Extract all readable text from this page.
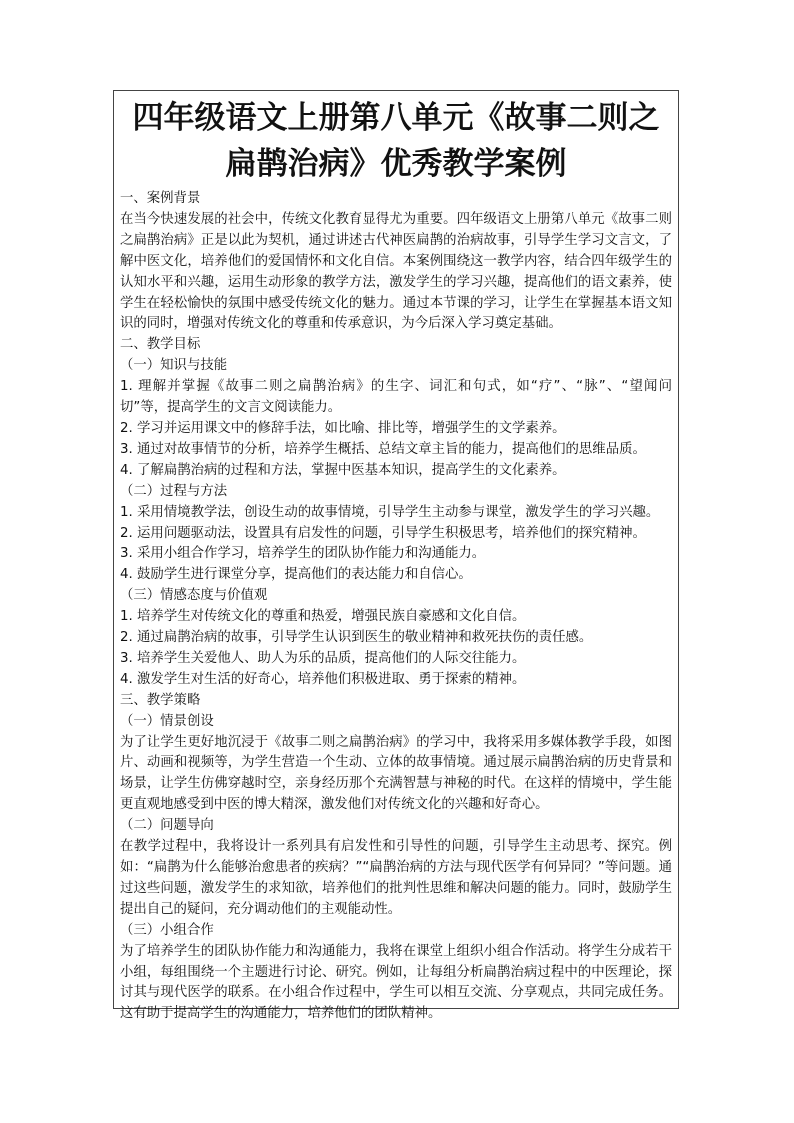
四年级语文上册第八单元《故事二则之扁鹊治病》优秀教学案例
一、案例背景
在当今快速发展的社会中，传统文化教育显得尤为重要。四年级语文上册第八单元《故事二则之扁鹊治病》正是以此为契机，通过讲述古代神医扁鹊的治病故事，引导学生学习文言文，了解中医文化，培养他们的爱国情怀和文化自信。本案例围绕这一教学内容，结合四年级学生的认知水平和兴趣，运用生动形象的教学方法，激发学生的学习兴趣，提高他们的语文素养，使学生在轻松愉快的氛围中感受传统文化的魅力。通过本节课的学习，让学生在掌握基本语文知识的同时，增强对传统文化的尊重和传承意识，为今后深入学习奠定基础。
二、教学目标
（一）知识与技能
1. 理解并掌握《故事二则之扁鹊治病》的生字、词汇和句式，如“疗”、“脉”、“望闻问切”等，提高学生的文言文阅读能力。
2. 学习并运用课文中的修辞手法，如比喻、排比等，增强学生的文学素养。
3. 通过对故事情节的分析，培养学生概括、总结文章主旨的能力，提高他们的思维品质。
4. 了解扁鹊治病的过程和方法，掌握中医基本知识，提高学生的文化素养。
（二）过程与方法
1. 采用情境教学法，创设生动的故事情境，引导学生主动参与课堂，激发学生的学习兴趣。
2. 运用问题驱动法，设置具有启发性的问题，引导学生积极思考，培养他们的探究精神。
3. 采用小组合作学习，培养学生的团队协作能力和沟通能力。
4. 鼓励学生进行课堂分享，提高他们的表达能力和自信心。
（三）情感态度与价值观
1. 培养学生对传统文化的尊重和热爱，增强民族自豪感和文化自信。
2. 通过扁鹊治病的故事，引导学生认识到医生的敬业精神和救死扶伤的责任感。
3. 培养学生关爱他人、助人为乐的品质，提高他们的人际交往能力。
4. 激发学生对生活的好奇心，培养他们积极进取、勇于探索的精神。
三、教学策略
（一）情景创设
为了让学生更好地沉浸于《故事二则之扁鹊治病》的学习中，我将采用多媒体教学手段，如图片、动画和视频等，为学生营造一个生动、立体的故事情境。通过展示扁鹊治病的历史背景和场景，让学生仿佛穿越时空，亲身经历那个充满智慧与神秘的时代。在这样的情境中，学生能更直观地感受到中医的博大精深，激发他们对传统文化的兴趣和好奇心。
（二）问题导向
在教学过程中，我将设计一系列具有启发性和引导性的问题，引导学生主动思考、探究。例如：“扁鹊为什么能够治愈患者的疾病？”“扁鹊治病的方法与现代医学有何异同？”等问题。通过这些问题，激发学生的求知欲，培养他们的批判性思维和解决问题的能力。同时，鼓励学生提出自己的疑问，充分调动他们的主观能动性。
（三）小组合作
为了培养学生的团队协作能力和沟通能力，我将在课堂上组织小组合作活动。将学生分成若干小组，每组围绕一个主题进行讨论、研究。例如，让每组分析扁鹊治病过程中的中医理论，探讨其与现代医学的联系。在小组合作过程中，学生可以相互交流、分享观点，共同完成任务。这有助于提高学生的沟通能力，培养他们的团队精神。
